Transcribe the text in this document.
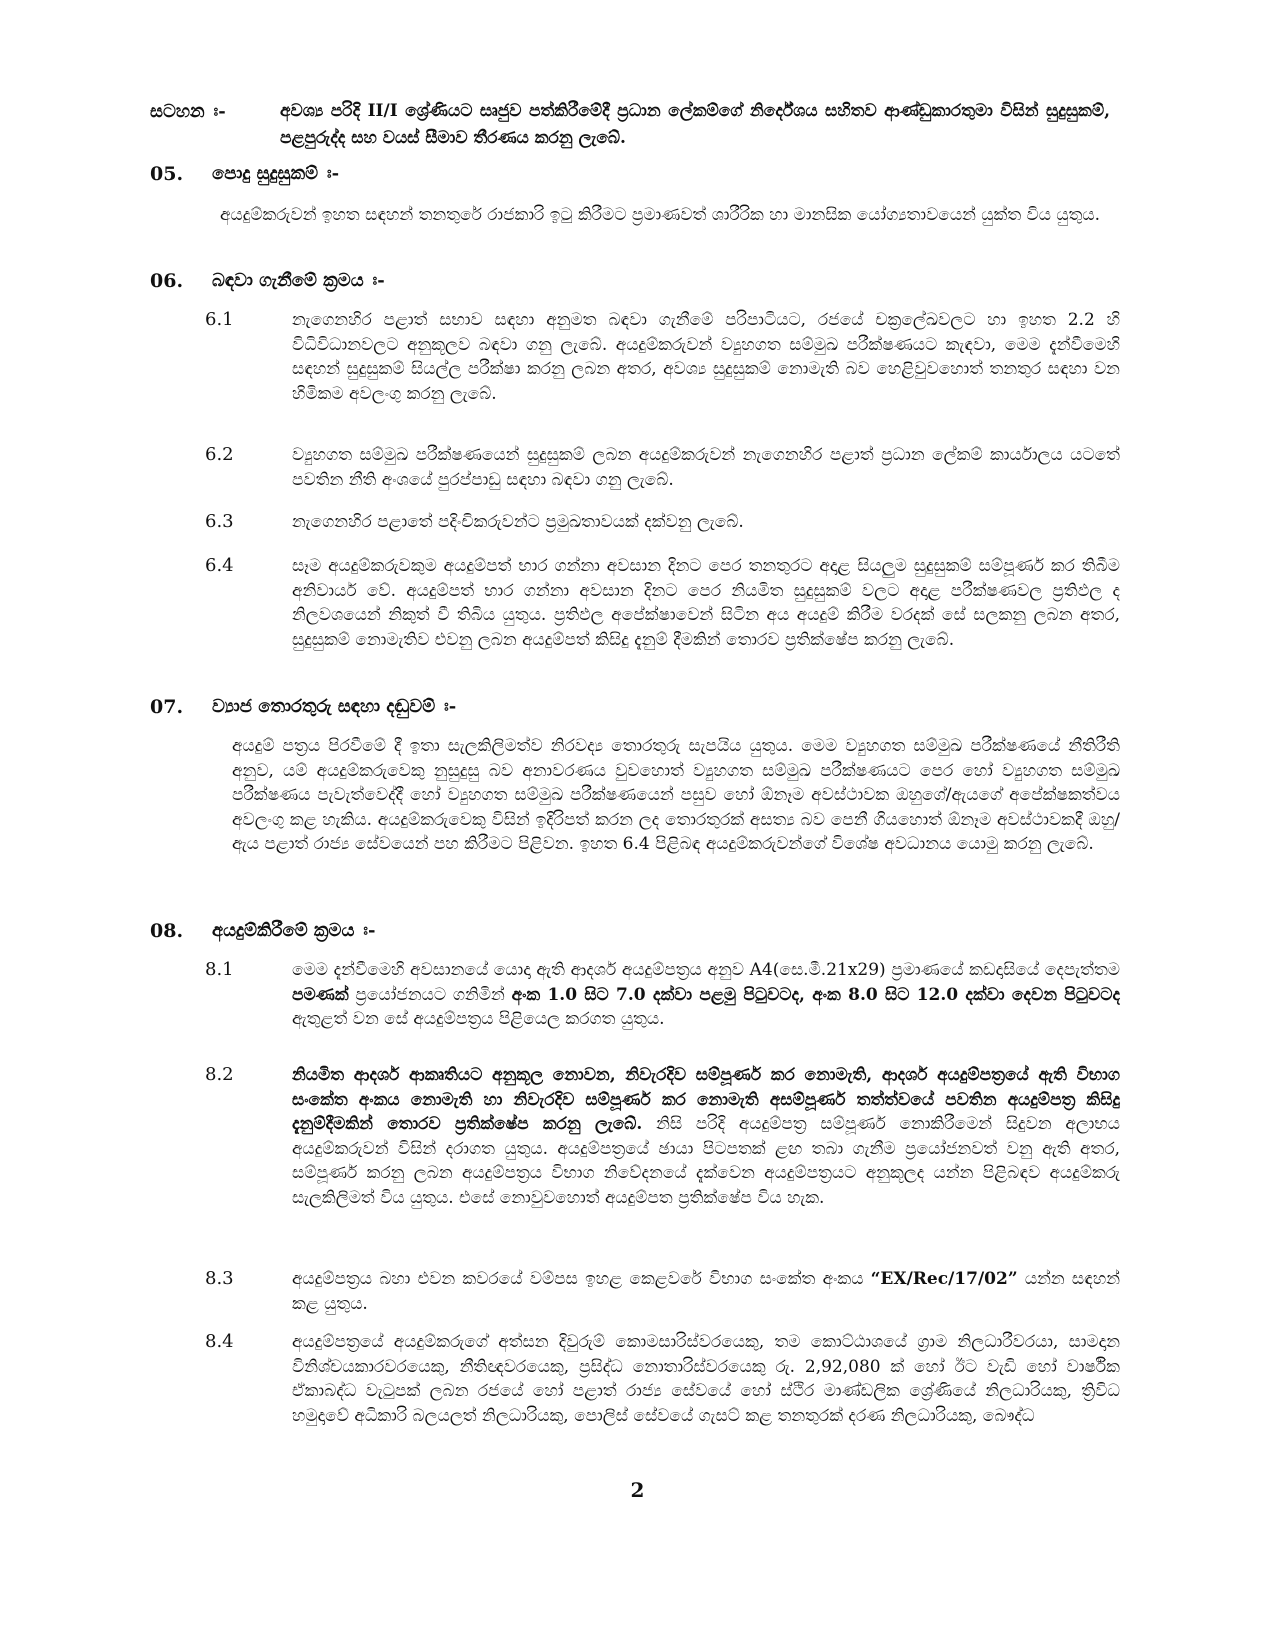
සටහන ඃ-	අවශ්‍ය පරිදි II/I ශ්‍රේණියට සෘජුව පත්කිරීමේදී ප්‍රධාන ලේකම්ගේ නිර්දේශය සහිතව ආණ්ඩුකාරතුමා විසින් සුදුසුකම්, පළපුරුද්ද සහ වයස් සීමාව තීරණය කරනු ලැබේ.
05.	පොදු සුදුසුකම් ඃ-
අයදුම්කරුවන් ඉහත සඳහන් තනතුරේ රාජකාරි ඉටු කිරීමට ප්‍රමාණවත් ශාරීරික හා මානසික යෝග්‍යතාවයෙන් යුක්ත විය යුතුය.
06.	බඳවා ගැනීමේ ක්‍රමය ඃ-
6.1	නැගෙනහිර පළාත් සභාව සඳහා අනුමත බඳවා ගැනීමේ පරිපාටියට, රජයේ චක්‍රලේඛවලට හා ඉහත 2.2 හි විධිවිධානවලට අනුකූලව බඳවා ගනු ලැබේ. අයදුම්කරුවන් ව්‍යුහගත සම්මුඛ පරීක්ෂණයට කැඳවා, මෙම දැන්වීමෙහි සඳහන් සුදුසුකම් සියල්ල පරීක්ෂා කරනු ලබන අතර, අවශ්‍ය සුදුසුකම් නොමැති බව හෙළිවුවහොත් තනතුර සඳහා වන හිමිකම අවලංගු කරනු ලැබේ.
6.2	ව්‍යුහගත සම්මුඛ පරීක්ෂණයෙන් සුදුසුකම් ලබන අයදුම්කරුවන් නැගෙනහිර පළාත් ප්‍රධාන ලේකම් කාර්යාලය යටතේ පවතින නීති අංශයේ පුරප්පාඩු සඳහා බඳවා ගනු ලැබේ.
6.3	නැගෙනහිර පළාතේ පදිංචිකරුවන්ට ප්‍රමුඛතාවයක් දක්වනු ලැබේ.
6.4	සෑම අයදුම්කරුවකුම අයදුම්පත් භාර ගන්නා අවසාන දිනට පෙර තනතුරට අදාළ සියලුම සුදුසුකම් සම්පූර්ණ කර තිබීම අනිවාර්ය වේ. අයදුම්පත් භාර ගන්නා අවසාන දිනට පෙර නියමිත සුදුසුකම් වලට අදාළ පරීක්ෂණවල ප්‍රතිඵල ද නිලවශයෙන් නිකුත් වී තිබිය යුතුය. ප්‍රතිඵල අපේක්ෂාවෙන් සිටින අය අයදුම් කිරීම වරදක් සේ සලකනු ලබන අතර, සුදුසුකම් නොමැතිව එවනු ලබන අයදුම්පත් කිසිදු දැනුම් දීමකින් තොරව ප්‍රතික්ෂේප කරනු ලැබේ.
07.	ව්‍යාජ තොරතුරු සඳහා දඬුවම් ඃ-
අයදුම් පත්‍රය පිරවීමේ දී ඉතා සැලකිලිමත්ව නිරවද්‍ය තොරතුරු සැපයිය යුතුය. මෙම ව්‍යුහගත සම්මුඛ පරීක්ෂණයේ නීතිරීති අනුව, යම් අයදුම්කරුවෙකු නුසුදුසු බව අනාවරණය වුවහොත් ව්‍යුහගත සම්මුඛ පරීක්ෂණයට පෙර හෝ ව්‍යුහගත සම්මුඛ පරීක්ෂණය පැවැත්වෙද්දී හෝ ව්‍යුහගත සම්මුඛ පරීක්ෂණයෙන් පසුව හෝ ඕනෑම අවස්ථාවක ඔහුගේ/ඇයගේ අපේක්ෂකත්වය අවලංගු කළ හැකිය. අයදුම්කරුවෙකු විසින් ඉදිරිපත් කරන ලද තොරතුරක් අසත්‍ය බව පෙනී ගියහොත් ඕනෑම අවස්ථාවකදී ඔහු/ඇය පළාත් රාජ්‍ය සේවයෙන් පහ කිරීමට පිළිවන. ඉහත 6.4 පිළිබඳ අයදුම්කරුවන්ගේ විශේෂ අවධානය යොමු කරනු ලැබේ.
08.	අයදුම්කිරීමේ ක්‍රමය ඃ-
8.1	මෙම දැන්වීමෙහි අවසානයේ යොදා ඇති ආදර්ශ අයදුම්පත්‍රය අනුව A4(සෙ.මී.21x29) ප්‍රමාණයේ කඩදාසියේ දෙපැත්තම පමණක් ප්‍රයෝජනයට ගනිමින් අංක 1.0 සිට 7.0 දක්වා පළමු පිටුවටද, අංක 8.0 සිට 12.0 දක්වා දෙවන පිටුවටද ඇතුළත් වන සේ අයදුම්පත්‍රය පිළියෙල කරගත යුතුය.
8.2	නියමිත ආදර්ශ ආකෘතියට අනුකූල නොවන, නිවැරදිව සම්පූර්ණ කර නොමැති, ආදර්ශ අයදුම්පත්‍රයේ ඇති විභාග සංකේත අංකය නොමැති හා නිවැරදිව සම්පූර්ණ කර නොමැති අසම්පූර්ණ තත්ත්වයේ පවතින අයදුම්පත්‍ර කිසිදු දැනුම්දීමකින් තොරව ප්‍රතික්ෂේප කරනු ලැබේ. නිසි පරිදි අයදුම්පත්‍ර සම්පූර්ණ නොකිරීමෙන් සිදුවන අලාභය අයදුම්කරුවන් විසින් දරාගත යුතුය. අයදුම්පත්‍රයේ ඡායා පිටපතක් ළඟ තබා ගැනීම ප්‍රයෝජනවත් වනු ඇති අතර, සම්පූර්ණ කරනු ලබන අයදුම්පත්‍රය විභාග නිවේදනයේ දැක්වෙන අයදුම්පත්‍රයට අනුකූලද යන්න පිළිබඳව අයදුම්කරු සැලකිලිමත් විය යුතුය. එසේ නොවුවහොත් අයදුම්පත ප්‍රතික්ෂේප විය හැක.
8.3	අයදුම්පත්‍රය බහා එවන කවරයේ වම්පස ඉහළ කෙළවරේ විභාග සංකේත අංකය “EX/Rec/17/02” යන්න සඳහන් කළ යුතුය.
8.4	අයදුම්පත්‍රයේ අයදුම්කරුගේ අත්සන දිවුරුම් කොමසාරිස්වරයෙකු, තම කොට්ඨාශයේ ග්‍රාම නිලධාරීවරයා, සාමදාන විනිශ්චයකාරවරයෙකු, නීතිඥවරයෙකු, ප්‍රසිද්ධ නොතාරිස්වරයෙකු රු. 2,92,080 ක් හෝ ඊට වැඩි හෝ වාර්ෂික ඒකාබද්ධ වැටුපක් ලබන රජයේ හෝ පළාත් රාජ්‍ය සේවයේ හෝ ස්ථිර මාණ්ඩලික ශ්‍රේණියේ නිලධාරියකු, ත්‍රිවිධ හමුදාවේ අධිකාරි බලයලත් නිලධාරියකු, පොලිස් සේවයේ ගැසට් කළ තනතුරක් දරණ නිලධාරියකු, බෞද්ධ
2
